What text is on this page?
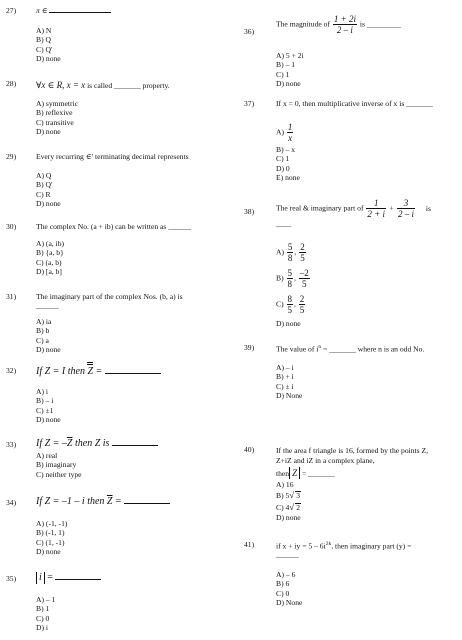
27)	π ∈
A) N
B) Q
C) Q′
D) none
28) ∀x ∈ R, x = x is called _______ property.
A) symmetric
B) reflexive
C) transitive
D) none
29)	Every recurring ∈′ terminating decimal represents
A) Q
B) Q′
C) R
D) none
30)	The complex No. (a + ib) can be written as ______
A) (a, ib)
B) {a, b}
C) (a, b)
D) [a, b]
31)	The imaginary part of the complex Nos. (b, a) is
______
A) ia
B) b
C) a
D) none
32) If Z = I then Z =
A) i
B) – i
C) ±1
D) none
33) If $Z = -\overline{Z}$ then Z is
A) real
B) imaginary
C) neither type
34) If Z = –1 – i then $\overline{Z}$ =
A) (-1, -1)
B) (-1, 1)
C) (1, -1)
D) none
35)	i =
A) – 1
B) 1
C) 0
D) i
36)
The magnitude of $\frac{1 + 2i}{2 - i}$ is _________
A) 5 + 2i
B) – 1
C) 1
D) none
37)	If x = 0, then multiplicative inverse of x is _______
$A) \frac{1}{x}$
B) – x
C) 1
D) 0
E) none
38)	The real & imaginary part of $\frac{1}{2 + i} + \frac{3}{2 - i}$ is
____
$A) \frac{5}{8}$ , $\frac{2}{5}$
$B) \frac{5}{8}$ , $\frac{-2}{5}$
$C) \frac{8}{5}$ , $\frac{2}{5}$
D) none
39)	The value of $i^n$ = _______ where n is an odd No.
A) – i
B) + i
C) ± i
D) None
40)	If the area f triangle is 16, formed by the points Z,
Z+iZ and iZ in a complex plane,
then Z = _______
A) 16
B) 5√ 3
C) 4√ 2
D) none
41)	if x + iy = $5 - 6i^{2k}$, then imaginary part (y) =
______
A) – 6
B) 6
C) 0
D) None
